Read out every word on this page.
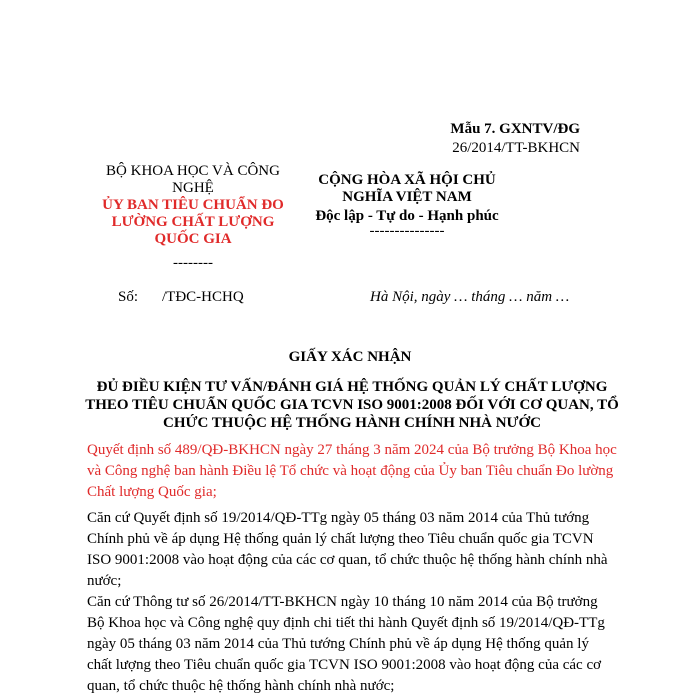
Mẫu 7. GXNTV/ĐG
26/2014/TT-BKHCN
BỘ KHOA HỌC VÀ CÔNG NGHỆ
ỦY BAN TIÊU CHUẨN ĐO LƯỜNG CHẤT LƯỢNG QUỐC GIA
--------
CỘNG HÒA XÃ HỘI CHỦ NGHĨA VIỆT NAM
Độc lập - Tự do - Hạnh phúc
---------------
Số: /TĐC-HCHQ	Hà Nội, ngày … tháng … năm …
GIẤY XÁC NHẬN
ĐỦ ĐIỀU KIỆN TƯ VẤN/ĐÁNH GIÁ HỆ THỐNG QUẢN LÝ CHẤT LƯỢNG THEO TIÊU CHUẨN QUỐC GIA TCVN ISO 9001:2008 ĐỐI VỚI CƠ QUAN, TỔ CHỨC THUỘC HỆ THỐNG HÀNH CHÍNH NHÀ NƯỚC
Quyết định số 489/QĐ-BKHCN ngày 27 tháng 3 năm 2024 của Bộ trưởng Bộ Khoa học và Công nghệ ban hành Điều lệ Tổ chức và hoạt động của Ủy ban Tiêu chuẩn Đo lường Chất lượng Quốc gia;
Căn cứ Quyết định số 19/2014/QĐ-TTg ngày 05 tháng 03 năm 2014 của Thủ tướng Chính phủ về áp dụng Hệ thống quản lý chất lượng theo Tiêu chuẩn quốc gia TCVN ISO 9001:2008 vào hoạt động của các cơ quan, tổ chức thuộc hệ thống hành chính nhà nước;
Căn cứ Thông tư số 26/2014/TT-BKHCN ngày 10 tháng 10 năm 2014 của Bộ trưởng Bộ Khoa học và Công nghệ quy định chi tiết thi hành Quyết định số 19/2014/QĐ-TTg ngày 05 tháng 03 năm 2014 của Thủ tướng Chính phủ về áp dụng Hệ thống quản lý chất lượng theo Tiêu chuẩn quốc gia TCVN ISO 9001:2008 vào hoạt động của các cơ quan, tổ chức thuộc hệ thống hành chính nhà nước;
